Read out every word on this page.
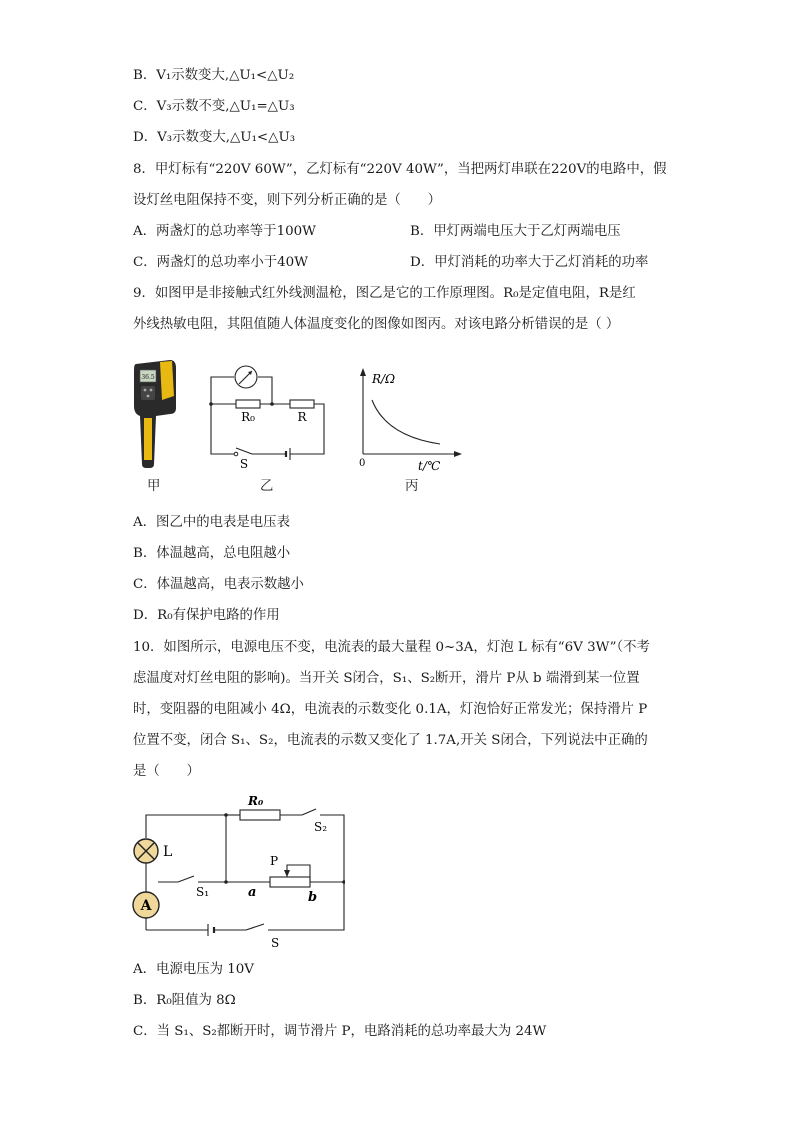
B．V₁示数变大,△U₁<△U₂
C．V₃示数不变,△U₁=△U₃
D．V₃示数变大,△U₁<△U₃
8．甲灯标有“220V 60W”，乙灯标有“220V 40W”，当把两灯串联在220V的电路中，假
设灯丝电阻保持不变，则下列分析正确的是（　　）
A．两盏灯的总功率等于100W	B．甲灯两端电压大于乙灯两端电压
C．两盏灯的总功率小于40W	D．甲灯消耗的功率大于乙灯消耗的功率
9．如图甲是非接触式红外线测温枪，图乙是它的工作原理图。R₀是定值电阻，R是红
外线热敏电阻，其阻值随人体温度变化的图像如图丙。对该电路分析错误的是（ ）
36.5
R₀	R
S
R/Ω
t/℃
0
甲	乙	丙
A．图乙中的电表是电压表
B．体温越高，总电阻越小
C．体温越高，电表示数越小
D．R₀有保护电路的作用
10．如图所示，电源电压不变，电流表的最大量程 0~3A，灯泡 L 标有“6V 3W”（不考
虑温度对灯丝电阻的影响)。当开关 S闭合，S₁、S₂断开，滑片 P从 b 端滑到某一位置
时，变阻器的电阻减小 4Ω，电流表的示数变化 0.1A，灯泡恰好正常发光；保持滑片 P
位置不变，闭合 S₁、S₂，电流表的示数又变化了 1.7A,开关 S闭合，下列说法中正确的
是（　　）
R₀
S₂
L
P
S₁	a	b
A
S
A．电源电压为 10V
B．R₀阻值为 8Ω
C．当 S₁、S₂都断开时，调节滑片 P，电路消耗的总功率最大为 24W
